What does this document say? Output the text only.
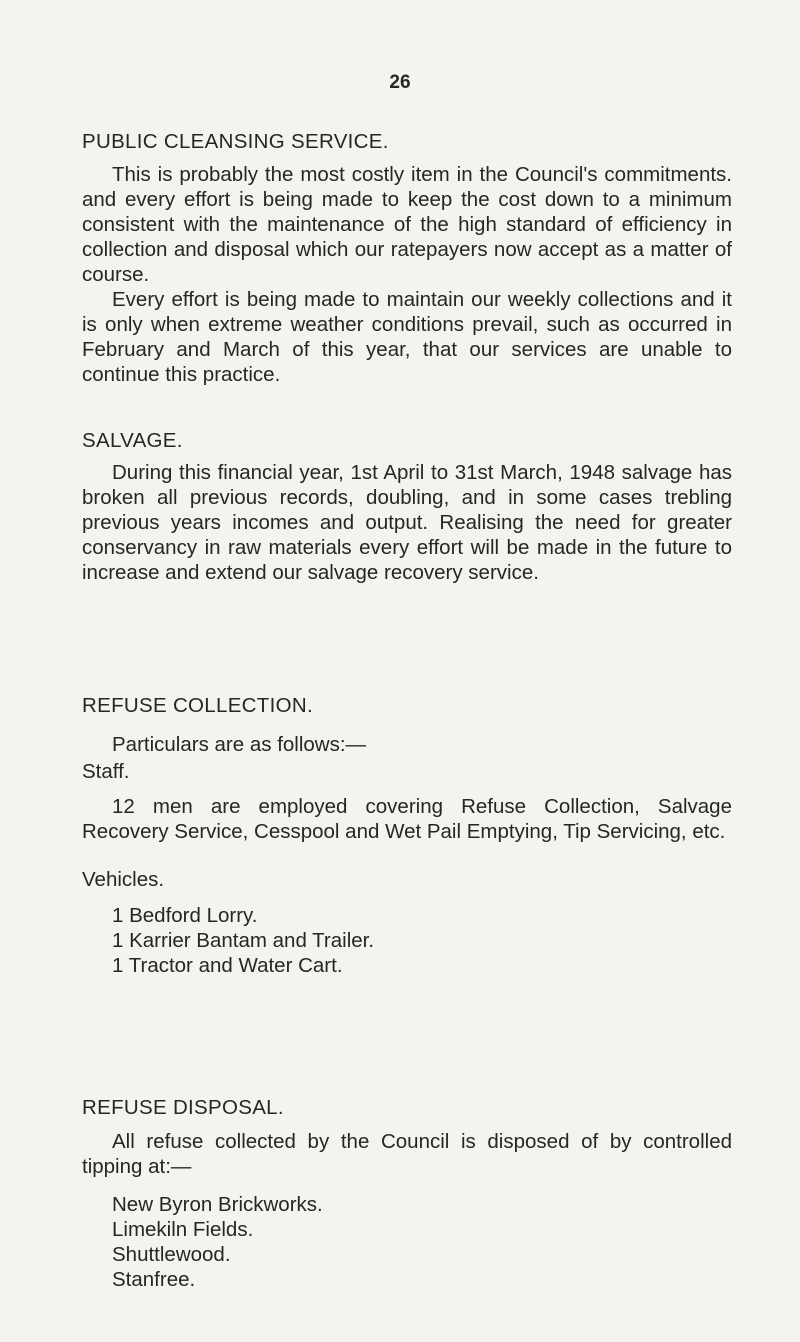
26
PUBLIC CLEANSING SERVICE.

This is probably the most costly item in the Council's commitments. and every effort is being made to keep the cost down to a minimum consistent with the maintenance of the high standard of efficiency in collection and disposal which our ratepayers now accept as a matter of course.

Every effort is being made to maintain our weekly collections and it is only when extreme weather conditions prevail, such as occurred in February and March of this year, that our services are unable to continue this practice.

SALVAGE.

During this financial year, 1st April to 31st March, 1948 salvage has broken all previous records, doubling, and in some cases trebling previous years incomes and output. Realising the need for greater conservancy in raw materials every effort will be made in the future to increase and extend our salvage recovery service.

REFUSE COLLECTION.

Particulars are as follows:—

Staff.

12 men are employed covering Refuse Collection, Salvage Recovery Service, Cesspool and Wet Pail Emptying, Tip Servicing, etc.

Vehicles.

1 Bedford Lorry.
1 Karrier Bantam and Trailer.
1 Tractor and Water Cart.
REFUSE DISPOSAL.

All refuse collected by the Council is disposed of by controlled tipping at:—

New Byron Brickworks.
Limekiln Fields.
Shuttlewood.
Stanfree.
